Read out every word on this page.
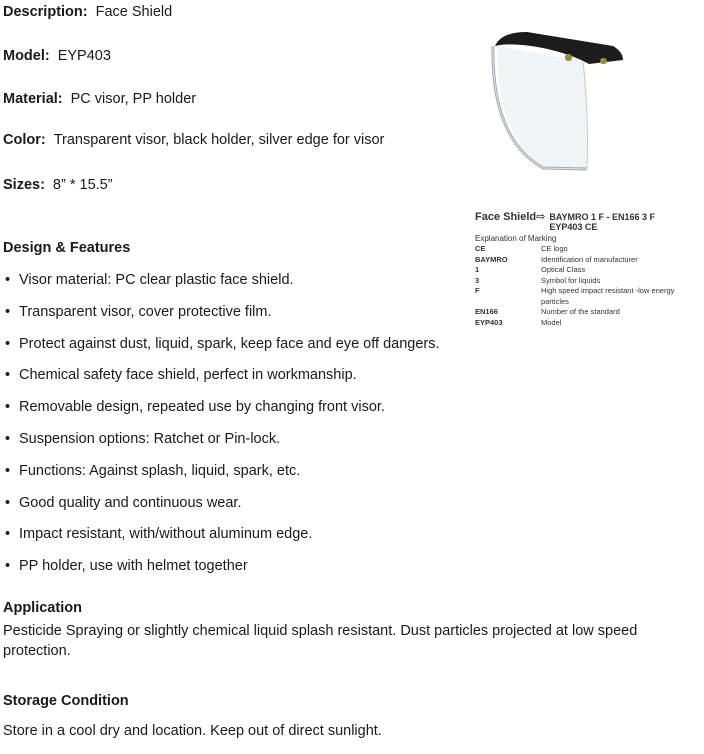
Description: Face Shield
Model: EYP403
Material: PC visor, PP holder
Color: Transparent visor, black holder, silver edge for visor
Sizes: 8” * 15.5”
Design & Features
• Visor material: PC clear plastic face shield.
• Transparent visor, cover protective film.
• Protect against dust, liquid, spark, keep face and eye off dangers.
• Chemical safety face shield, perfect in workmanship.
• Removable design, repeated use by changing front visor.
• Suspension options: Ratchet or Pin-lock.
• Functions: Against splash, liquid, spark, etc.
• Good quality and continuous wear.
• Impact resistant, with/without aluminum edge.
• PP holder, use with helmet together
Application
Pesticide Spraying or slightly chemical liquid splash resistant. Dust particles projected at low speed protection.
Storage Condition
Store in a cool dry and location. Keep out of direct sunlight.
Face Shield⇨ BAYMRO 1 F - EN166 3 F
EYP403 CE
Explanation of Marking
CE	CE logo
BAYMRO	Identification of manufacturer
1	Optical Class
3	Symbol for liquids
F	High speed impact resistant -low energy particles
EN166	Number of the standard
EYP403	Model
